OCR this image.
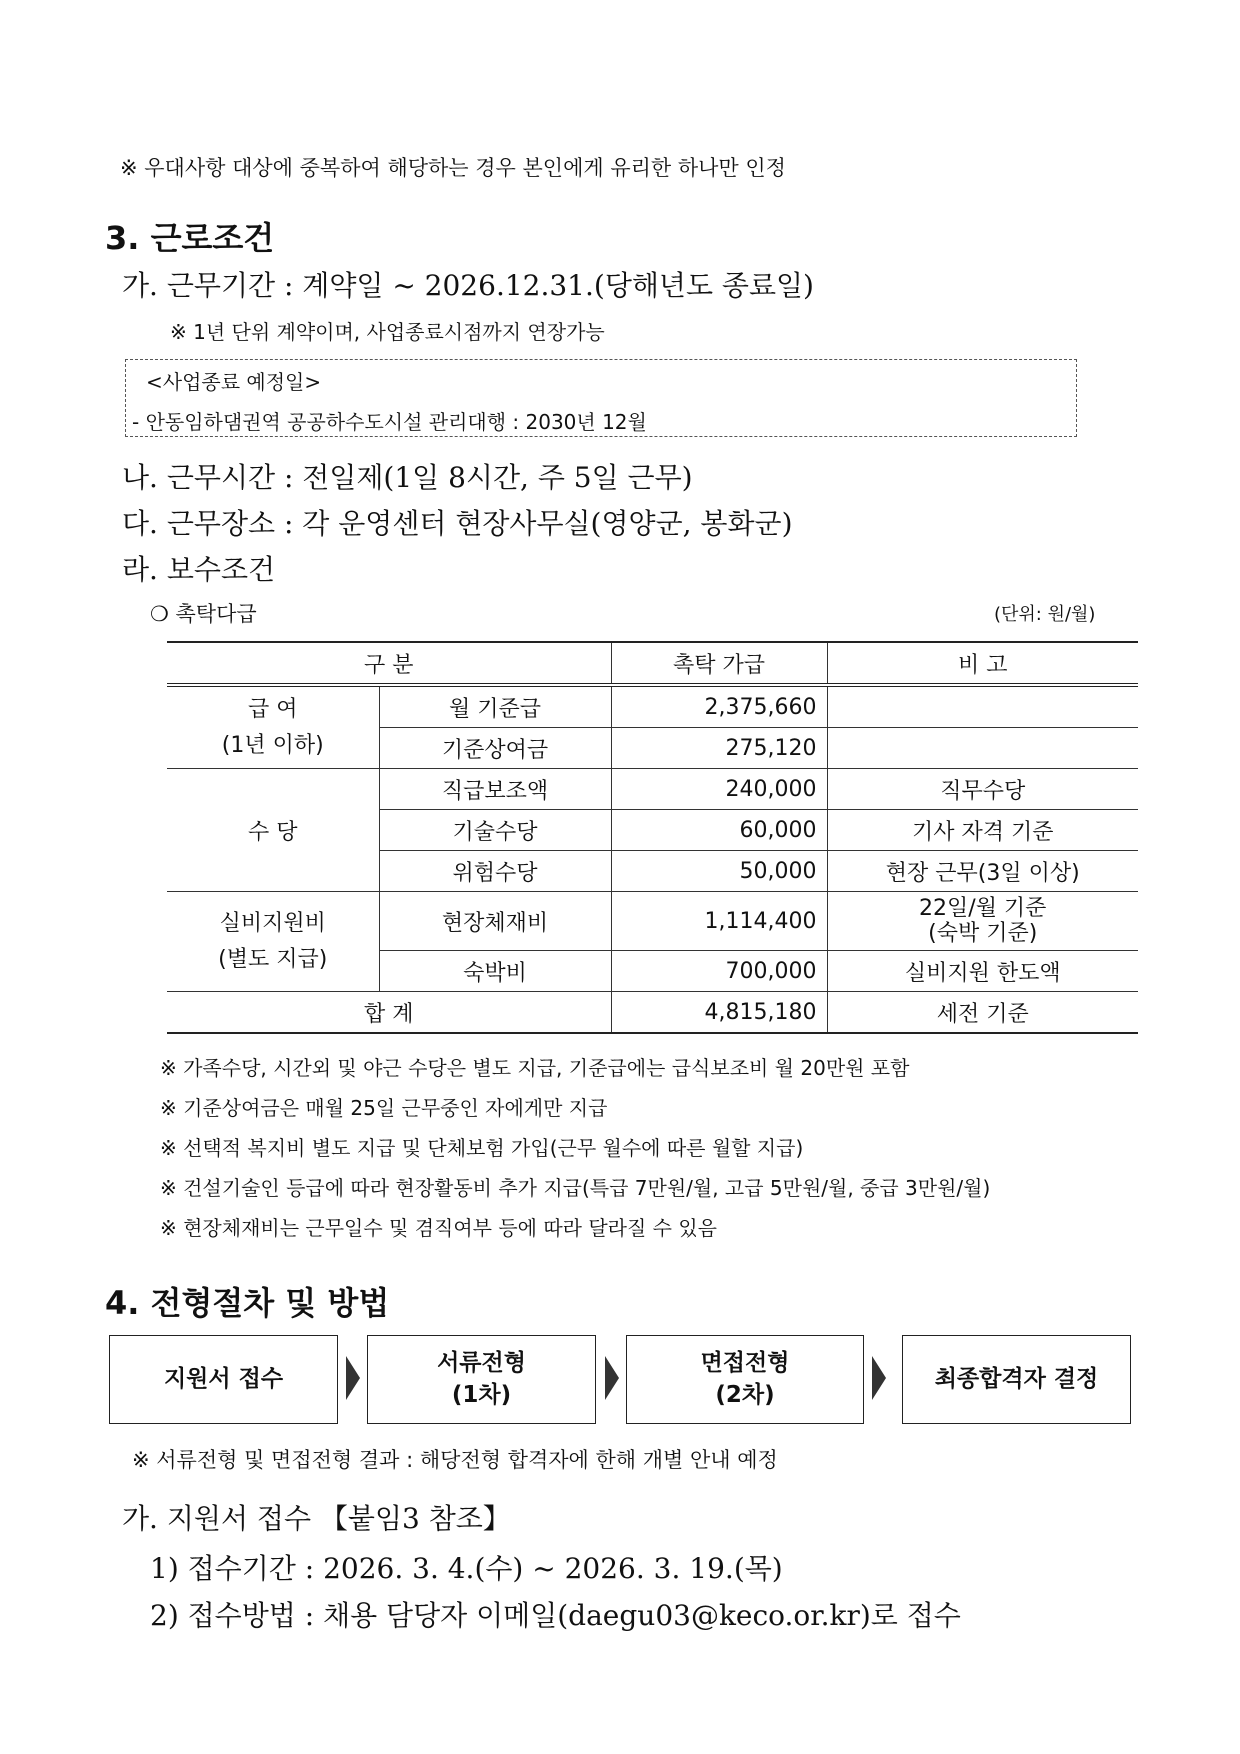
※ 우대사항 대상에 중복하여 해당하는 경우 본인에게 유리한 하나만 인정
3. 근로조건
가. 근무기간 : 계약일 ~ 2026.12.31.(당해년도 종료일)
※ 1년 단위 계약이며, 사업종료시점까지 연장가능
<사업종료 예정일>
- 안동임하댐권역 공공하수도시설 관리대행 : 2030년 12월
나. 근무시간 : 전일제(1일 8시간, 주 5일 근무)
다. 근무장소 : 각 운영센터 현장사무실(영양군, 봉화군)
라. 보수조건
❍ 촉탁다급	(단위: 원/월)
구 분		촉탁 가급	비 고
급 여
(1년 이하)	월 기준급	2,375,660	
	기준상여금	275,120	
수 당	직급보조액	240,000	직무수당
	기술수당	60,000	기사 자격 기준
	위험수당	50,000	현장 근무(3일 이상)
실비지원비
(별도 지급)	현장체재비	1,114,400	22일/월 기준
(숙박 기준)
	숙박비	700,000	실비지원 한도액
합 계		4,815,180	세전 기준
※ 가족수당, 시간외 및 야근 수당은 별도 지급, 기준급에는 급식보조비 월 20만원 포함
※ 기준상여금은 매월 25일 근무중인 자에게만 지급
※ 선택적 복지비 별도 지급 및 단체보험 가입(근무 월수에 따른 월할 지급)
※ 건설기술인 등급에 따라 현장활동비 추가 지급(특급 7만원/월, 고급 5만원/월, 중급 3만원/월)
※ 현장체재비는 근무일수 및 겸직여부 등에 따라 달라질 수 있음
4. 전형절차 및 방법
지원서 접수
서류전형
(1차)
면접전형
(2차)
최종합격자 결정
※ 서류전형 및 면접전형 결과 : 해당전형 합격자에 한해 개별 안내 예정
가. 지원서 접수 【붙임3 참조】
1) 접수기간 : 2026. 3. 4.(수) ~ 2026. 3. 19.(목)
2) 접수방법 : 채용 담당자 이메일(daegu03@keco.or.kr)로 접수
